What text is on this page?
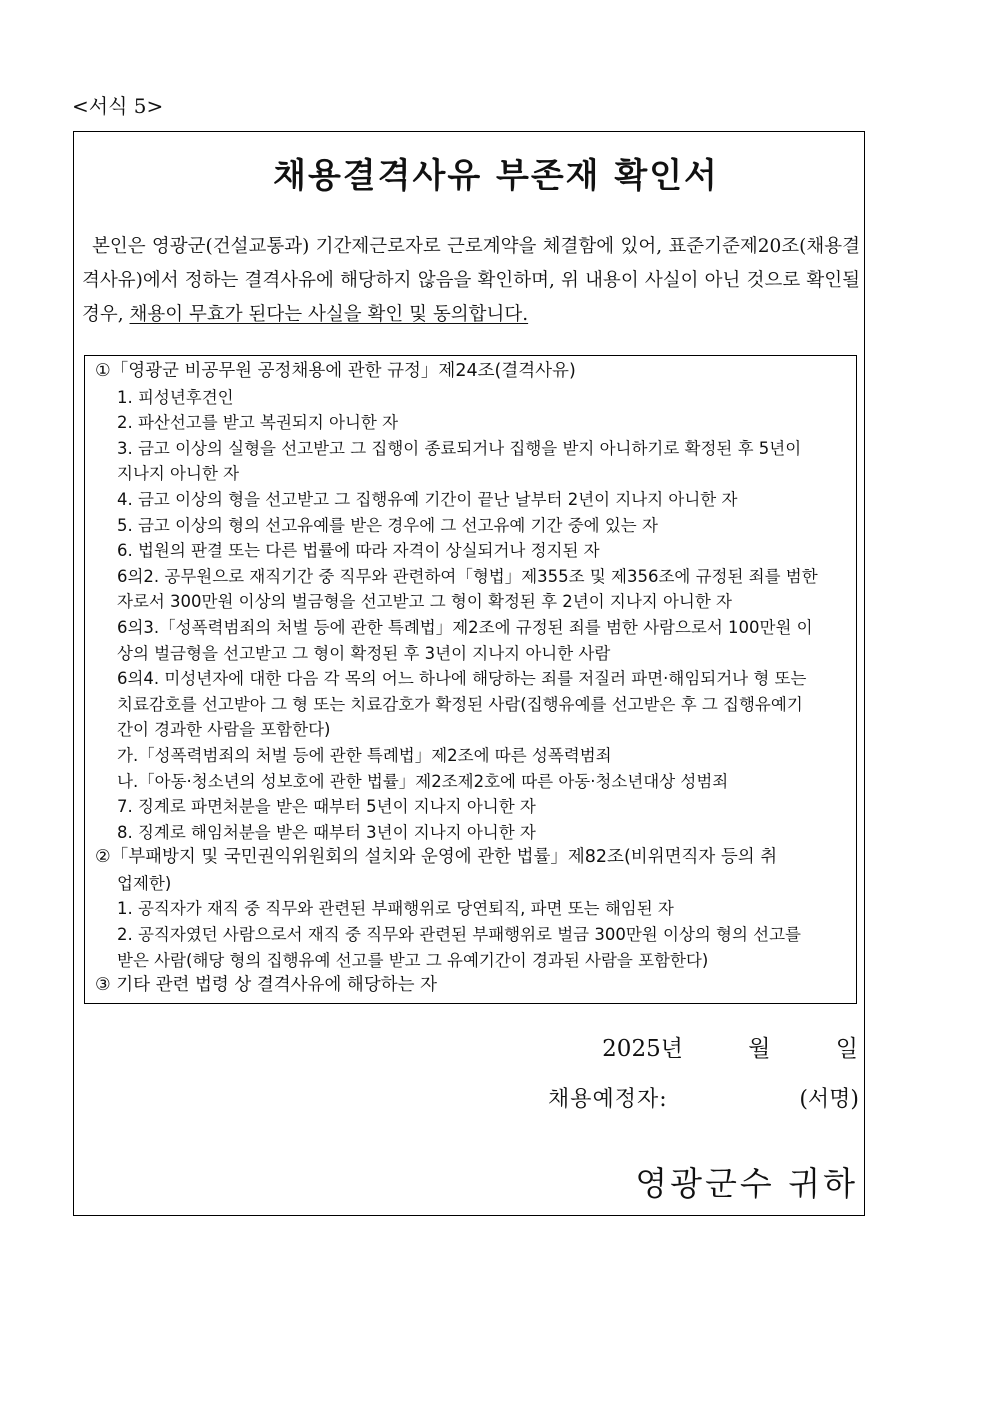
<서식 5>
채용결격사유 부존재 확인서

본인은 영광군(건설교통과) 기간제근로자로 근로계약을 체결함에 있어, 표준기준제20조(채용결격사유)에서 정하는 결격사유에 해당하지 않음을 확인하며, 위 내용이 사실이 아닌 것으로 확인될 경우, 채용이 무효가 된다는 사실을 확인 및 동의합니다.

①「영광군 비공무원 공정채용에 관한 규정」제24조(결격사유)
1. 피성년후견인
2. 파산선고를 받고 복권되지 아니한 자
3. 금고 이상의 실형을 선고받고 그 집행이 종료되거나 집행을 받지 아니하기로 확정된 후 5년이
지나지 아니한 자
4. 금고 이상의 형을 선고받고 그 집행유예 기간이 끝난 날부터 2년이 지나지 아니한 자
5. 금고 이상의 형의 선고유예를 받은 경우에 그 선고유예 기간 중에 있는 자
6. 법원의 판결 또는 다른 법률에 따라 자격이 상실되거나 정지된 자
6의2. 공무원으로 재직기간 중 직무와 관련하여「형법」제355조 및 제356조에 규정된 죄를 범한
자로서 300만원 이상의 벌금형을 선고받고 그 형이 확정된 후 2년이 지나지 아니한 자
6의3.「성폭력범죄의 처벌 등에 관한 특례법」제2조에 규정된 죄를 범한 사람으로서 100만원 이
상의 벌금형을 선고받고 그 형이 확정된 후 3년이 지나지 아니한 사람
6의4. 미성년자에 대한 다음 각 목의 어느 하나에 해당하는 죄를 저질러 파면·해임되거나 형 또는
치료감호를 선고받아 그 형 또는 치료감호가 확정된 사람(집행유예를 선고받은 후 그 집행유예기
간이 경과한 사람을 포함한다)
가.「성폭력범죄의 처벌 등에 관한 특례법」제2조에 따른 성폭력범죄
나.「아동·청소년의 성보호에 관한 법률」제2조제2호에 따른 아동·청소년대상 성범죄
7. 징계로 파면처분을 받은 때부터 5년이 지나지 아니한 자
8. 징계로 해임처분을 받은 때부터 3년이 지나지 아니한 자
②「부패방지 및 국민권익위원회의 설치와 운영에 관한 법률」제82조(비위면직자 등의 취
업제한)
1. 공직자가 재직 중 직무와 관련된 부패행위로 당연퇴직, 파면 또는 해임된 자
2. 공직자였던 사람으로서 재직 중 직무와 관련된 부패행위로 벌금 300만원 이상의 형의 선고를
받은 사람(해당 형의 집행유예 선고를 받고 그 유예기간이 경과된 사람을 포함한다)
③ 기타 관련 법령 상 결격사유에 해당하는 자
2025년	월	일
채용예정자:	(서명)
영광군수 귀하
